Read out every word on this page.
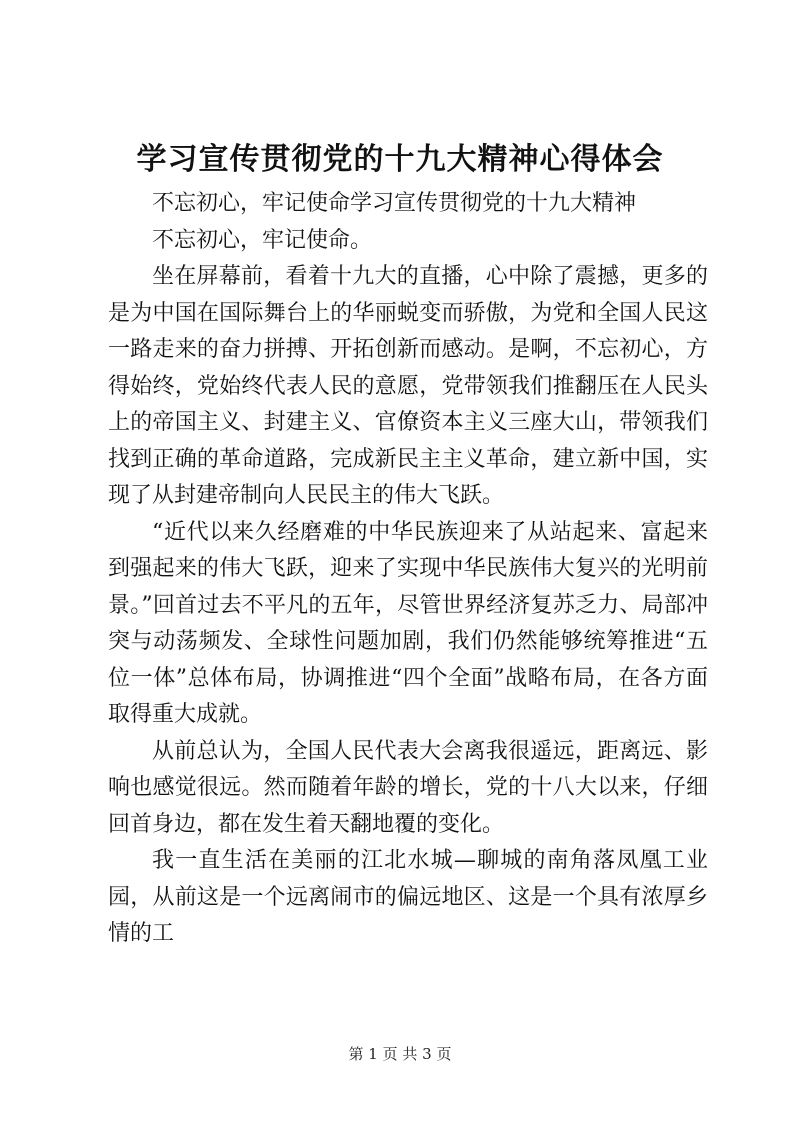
学习宣传贯彻党的十九大精神心得体会

不忘初心，牢记使命学习宣传贯彻党的十九大精神

不忘初心，牢记使命。

坐在屏幕前，看着十九大的直播，心中除了震撼，更多的是为中国在国际舞台上的华丽蜕变而骄傲，为党和全国人民这一路走来的奋力拼搏、开拓创新而感动。是啊，不忘初心，方得始终，党始终代表人民的意愿，党带领我们推翻压在人民头上的帝国主义、封建主义、官僚资本主义三座大山，带领我们找到正确的革命道路，完成新民主主义革命，建立新中国，实现了从封建帝制向人民民主的伟大飞跃。

“近代以来久经磨难的中华民族迎来了从站起来、富起来到强起来的伟大飞跃，迎来了实现中华民族伟大复兴的光明前景。”回首过去不平凡的五年，尽管世界经济复苏乏力、局部冲突与动荡频发、全球性问题加剧，我们仍然能够统筹推进“五位一体”总体布局，协调推进“四个全面”战略布局，在各方面取得重大成就。

从前总认为，全国人民代表大会离我很遥远，距离远、影响也感觉很远。然而随着年龄的增长，党的十八大以来，仔细回首身边，都在发生着天翻地覆的变化。

我一直生活在美丽的江北水城—聊城的南角落凤凰工业园，从前这是一个远离闹市的偏远地区、这是一个具有浓厚乡情的工

第 1 页 共 3 页
